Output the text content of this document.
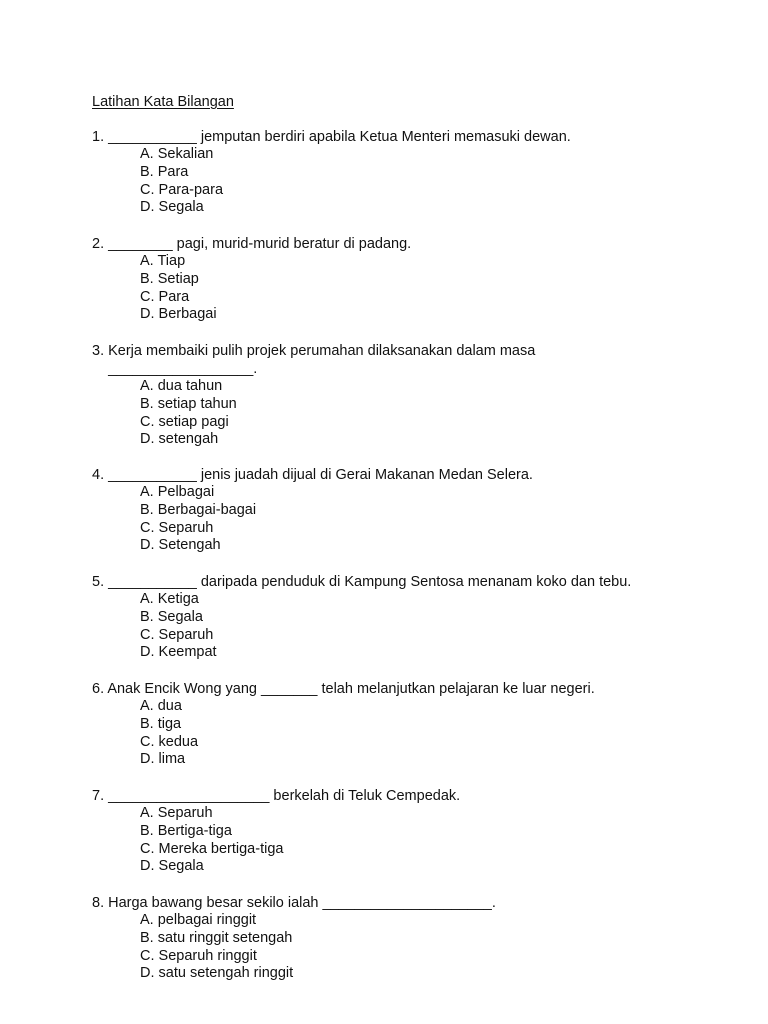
Latihan Kata Bilangan
1. ___________ jemputan berdiri apabila Ketua Menteri memasuki dewan.
A. Sekalian
B. Para
C. Para-para
D. Segala
2. ________ pagi, murid-murid beratur di padang.
A. Tiap
B. Setiap
C. Para
D. Berbagai
3. Kerja membaiki pulih projek perumahan dilaksanakan dalam masa
__________________.
A. dua tahun
B. setiap tahun
C. setiap pagi
D. setengah
4. ___________ jenis juadah dijual di Gerai Makanan Medan Selera.
A. Pelbagai
B. Berbagai-bagai
C. Separuh
D. Setengah
5. ___________ daripada penduduk di Kampung Sentosa menanam koko dan tebu.
A. Ketiga
B. Segala
C. Separuh
D. Keempat
6. Anak Encik Wong yang _______ telah melanjutkan pelajaran ke luar negeri.
A. dua
B. tiga
C. kedua
D. lima
7. ____________________ berkelah di Teluk Cempedak.
A. Separuh
B. Bertiga-tiga
C. Mereka bertiga-tiga
D. Segala
8. Harga bawang besar sekilo ialah _____________________.
A. pelbagai ringgit
B. satu ringgit setengah
C. Separuh ringgit
D. satu setengah ringgit
